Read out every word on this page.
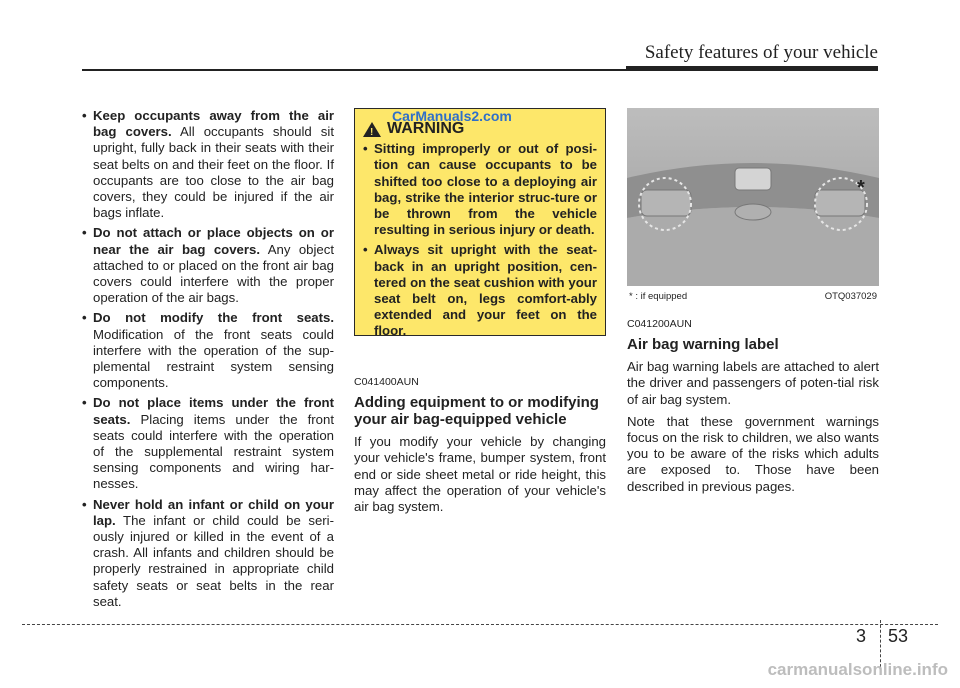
Safety features of your vehicle
• Keep occupants away from the air bag covers. All occupants should sit upright, fully back in their seats with their seat belts on and their feet on the floor. If occupants are too close to the air bag covers, they could be injured if the air bags inflate.
• Do not attach or place objects on or near the air bag covers. Any object attached to or placed on the front air bag covers could interfere with the proper operation of the air bags.
• Do not modify the front seats. Modification of the front seats could interfere with the operation of the sup-plemental restraint system sensing components.
• Do not place items under the front seats. Placing items under the front seats could interfere with the operation of the supplemental restraint system sensing components and wiring har-nesses.
• Never hold an infant or child on your lap. The infant or child could be seri-ously injured or killed in the event of a crash. All infants and children should be properly restrained in appropriate child safety seats or seat belts in the rear seat.
! WARNING
• Sitting improperly or out of posi-tion can cause occupants to be shifted too close to a deploying air bag, strike the interior struc-ture or be thrown from the vehicle resulting in serious injury or death.
• Always sit upright with the seat-back in an upright position, cen-tered on the seat cushion with your seat belt on, legs comfort-ably extended and your feet on the floor.
C041400AUN
Adding equipment to or modifying your air bag-equipped vehicle

If you modify your vehicle by changing your vehicle's frame, bumper system, front end or side sheet metal or ride height, this may affect the operation of your vehicle's air bag system.

CarManuals2.com
*
* : if equipped	OTQ037029
C041200AUN
Air bag warning label

Air bag warning labels are attached to alert the driver and passengers of poten-tial risk of air bag system.

Note that these government warnings focus on the risk to children, we also wants you to be aware of the risks which adults are exposed to. Those have been described in previous pages.

3 53
carmanualsonline.info
